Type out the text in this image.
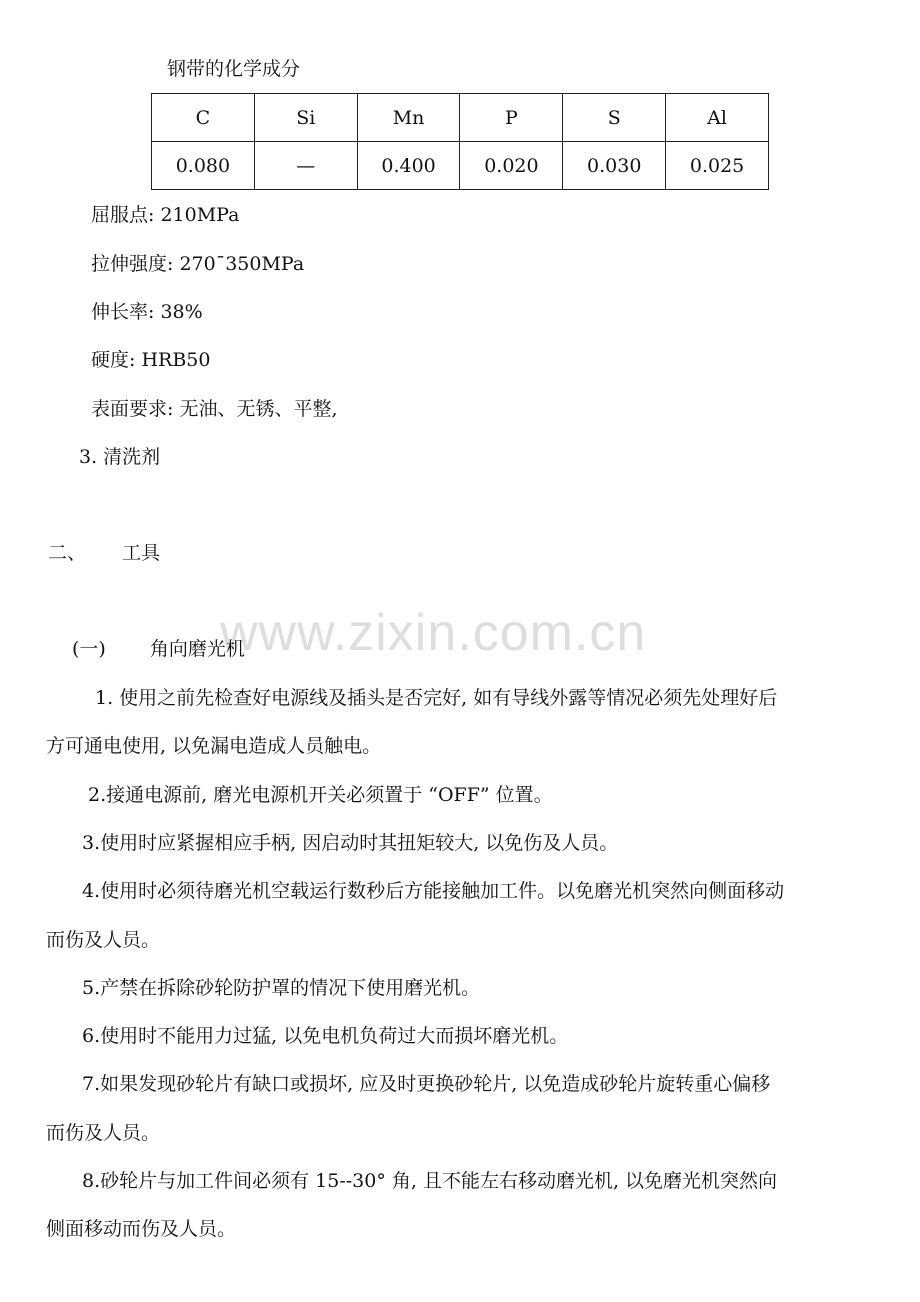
钢带的化学成分
C	Si	Mn	P	S	Al
0.080	—	0.400	0.020	0.030	0.025
屈服点: 210MPa
拉伸强度: 270¯350MPa
伸长率: 38%
硬度: HRB50
表面要求: 无油、无锈、平整,
3. 清洗剂
二、 工具
www.zixin.com.cn
(一) 角向磨光机
1. 使用之前先检查好电源线及插头是否完好, 如有导线外露等情况必须先处理好后
方可通电使用, 以免漏电造成人员触电。
2.接通电源前, 磨光电源机开关必须置于 “OFF” 位置。
3.使用时应紧握相应手柄, 因启动时其扭矩较大, 以免伤及人员。
4.使用时必须待磨光机空载运行数秒后方能接触加工件。以免磨光机突然向侧面移动
而伤及人员。
5.产禁在拆除砂轮防护罩的情况下使用磨光机。
6.使用时不能用力过猛, 以免电机负荷过大而损坏磨光机。
7.如果发现砂轮片有缺口或损坏, 应及时更换砂轮片, 以免造成砂轮片旋转重心偏移
而伤及人员。
8.砂轮片与加工件间必须有 15--30° 角, 且不能左右移动磨光机, 以免磨光机突然向
侧面移动而伤及人员。
